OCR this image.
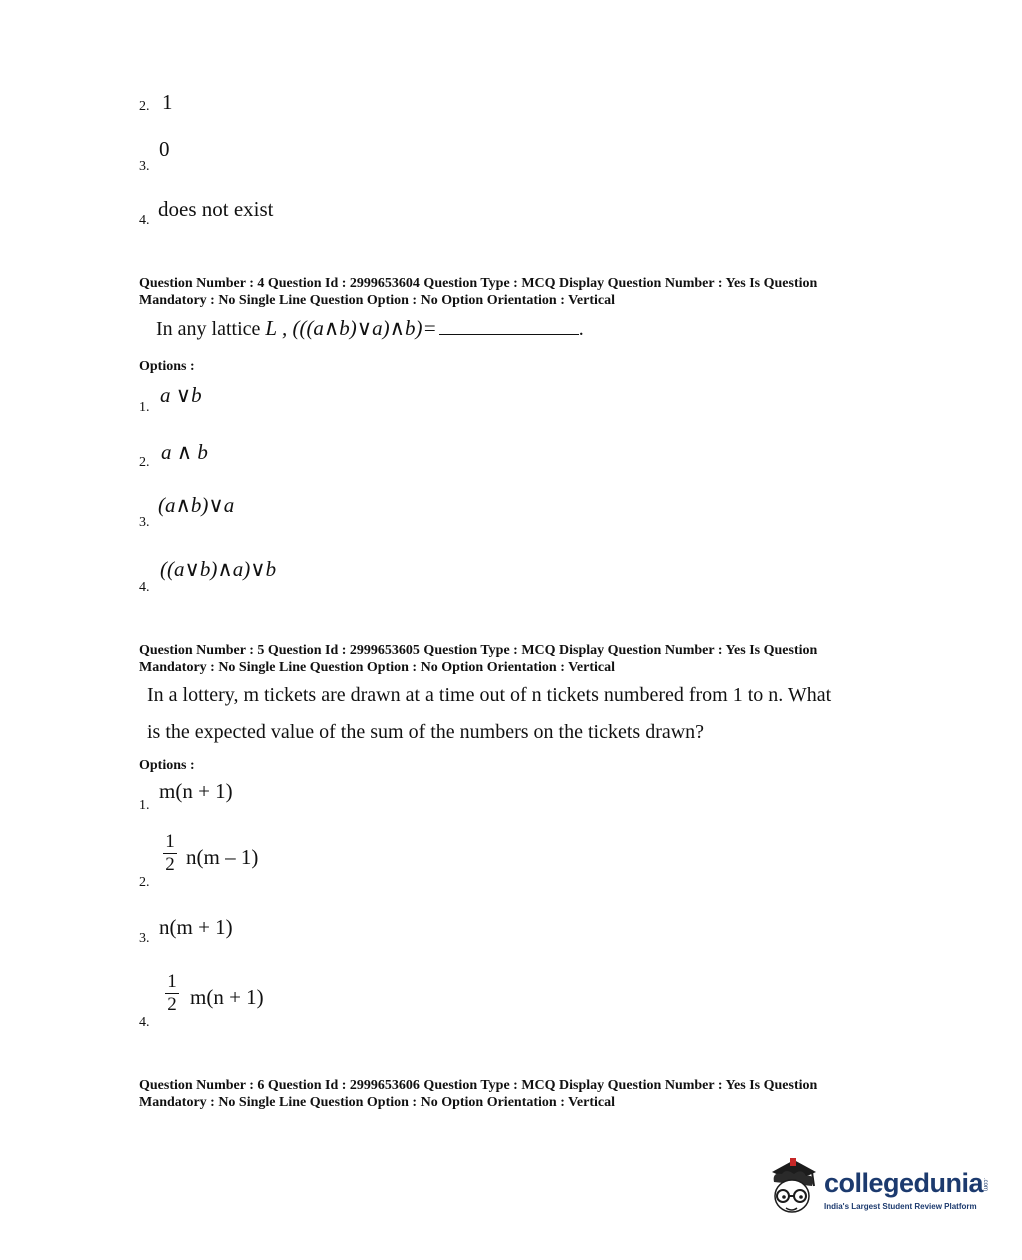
2. 1
0
3.
does not exist
4.
Question Number : 4 Question Id : 2999653604 Question Type : MCQ Display Question Number : Yes Is Question
Mandatory : No Single Line Question Option : No Option Orientation : Vertical
In any lattice L , (((a∧b)∨a)∧b)=	.
Options :
a ∨b
1.
a ∧ b
2.
(a∧b)∨a
3.
((a∨b)∧a)∨b
4.
Question Number : 5 Question Id : 2999653605 Question Type : MCQ Display Question Number : Yes Is Question
Mandatory : No Single Line Question Option : No Option Orientation : Vertical
In a lottery, m tickets are drawn at a time out of n tickets numbered from 1 to n. What
is the expected value of the sum of the numbers on the tickets drawn?
Options :
m(n + 1)
1.
1
2 n(m – 1)
2.
n(m + 1)
3.
1
2 m(n + 1)
4.
Question Number : 6 Question Id : 2999653606 Question Type : MCQ Display Question Number : Yes Is Question
Mandatory : No Single Line Question Option : No Option Orientation : Vertical
collegedunia
.com
India's Largest Student Review Platform
